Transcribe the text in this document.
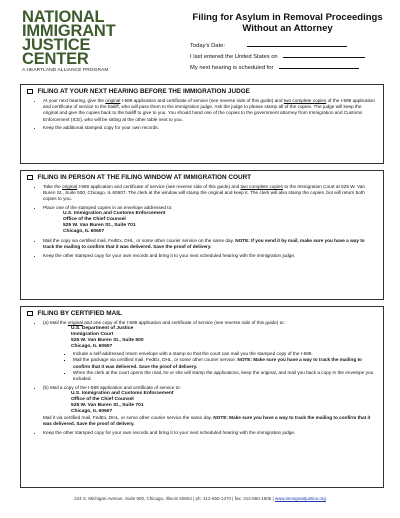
NATIONAL
IMMIGRANT
JUSTICE CENTER
A HEARTLAND ALLIANCE PROGRAM
Filing for Asylum in Removal Proceedings Without an Attorney
Today's Date:
I last entered the United States on
My next hearing is scheduled for
FILING AT YOUR NEXT HEARING BEFORE THE IMMIGRATION JUDGE
• At your next hearing, give the original I-589 application and certificate of service (see reverse side of this guide) and two complete copies of the I-589 application and certificate of service to the bailiff, who will pass them to the immigration judge. Ask the judge to please stamp all of the copies. The judge will keep the original and give the copies back to the bailiff to give to you. You should hand one of the copies to the government attorney from Immigration and Customs Enforcement (ICE), who will be sitting at the other table next to you.
• Keep the additional stamped copy for your own records.
FILING IN PERSON AT THE FILING WINDOW AT IMMIGRATION COURT
• Take the original I-589 application and certificate of service (see reverse side of this guide) and two complete copies to the Immigration Court at 525 W. Van Buren St., Suite 500, Chicago, IL 60607. The clerk at the window will stamp the original and keep it. The clerk will also stamp the copies, but will return both copies to you.
• Place one of the stamped copies in an envelope addressed to:
U.S. Immigration and Customs Enforcement
Office of the Chief Counsel
525 W. Van Buren St., Suite 701
Chicago, IL 60607
• Mail the copy via certified mail, FedEx, DHL, or some other courier service on the same day. NOTE: If you send it by mail, make sure you have a way to track the mailing to confirm that it was delivered. Save the proof of delivery.
• Keep the other stamped copy for your own records and bring it to your next scheduled hearing with the immigration judge.
FILING BY CERTIFIED MAIL
• (a) Mail the original and one copy of the I-589 application and certificate of service (see reverse side of this guide) to:
U.S. Department of Justice
Immigration Court
525 W. Van Buren St., Suite 500
Chicago, IL 60607
▪ Include a self-addressed return envelope with a stamp so that the court can mail you the stamped copy of the I-589.
▪ Mail the package via certified mail, FedEx, DHL, or some other courier service. NOTE: Make sure you have a way to track the mailing to confirm that it was delivered. Save the proof of delivery.
▪ When the clerk at the court opens the mail, he or she will stamp the applications, keep the original, and mail you back a copy in the envelope you included.
• (b) Mail a copy of the I-589 application and certificate of service to:
U.S. Immigration and Customs Enforcement
Office of the Chief Counsel
525 W. Van Buren St., Suite 701
Chicago, IL 60607
Mail it via certified mail, FedEx, DHL, or some other courier service the same day. NOTE: Make sure you have a way to track the mailing to confirm that it was delivered. Save the proof of delivery.
• Keep the other stamped copy for your own records and bring it to your next scheduled hearing with the immigration judge.
224 S. Michigan Avenue, Suite 600, Chicago, Illinois 60604 | ph: 312-660-1370 | fax: 312-660-1505 | www.immigrantjustice.org
